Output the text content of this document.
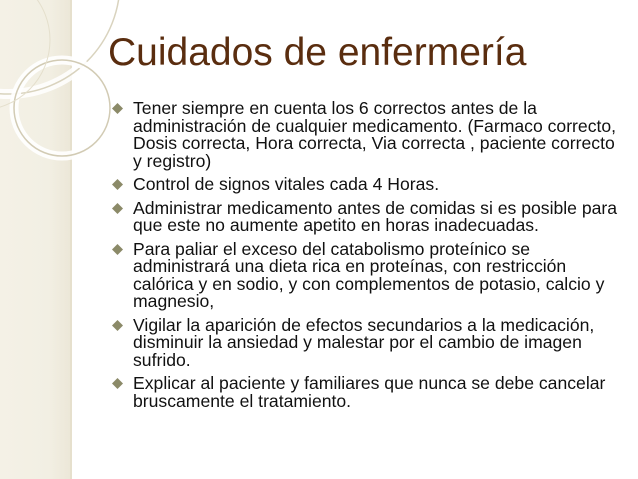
Cuidados de enfermería
Tener siempre en cuenta los 6 correctos antes de la administración de cualquier medicamento. (Farmaco correcto, Dosis correcta, Hora correcta, Via correcta , paciente correcto y registro)
Control de signos vitales cada 4 Horas.
Administrar medicamento antes de comidas si es posible para que este no aumente apetito en horas inadecuadas.
Para paliar el exceso del catabolismo proteínico se administrará una dieta rica en proteínas, con restricción calórica y en sodio, y con complementos de potasio, calcio y magnesio,
Vigilar la aparición de efectos secundarios a la medicación, disminuir la ansiedad y malestar por el cambio de imagen sufrido.
Explicar al paciente y familiares que nunca se debe cancelar bruscamente el tratamiento.
